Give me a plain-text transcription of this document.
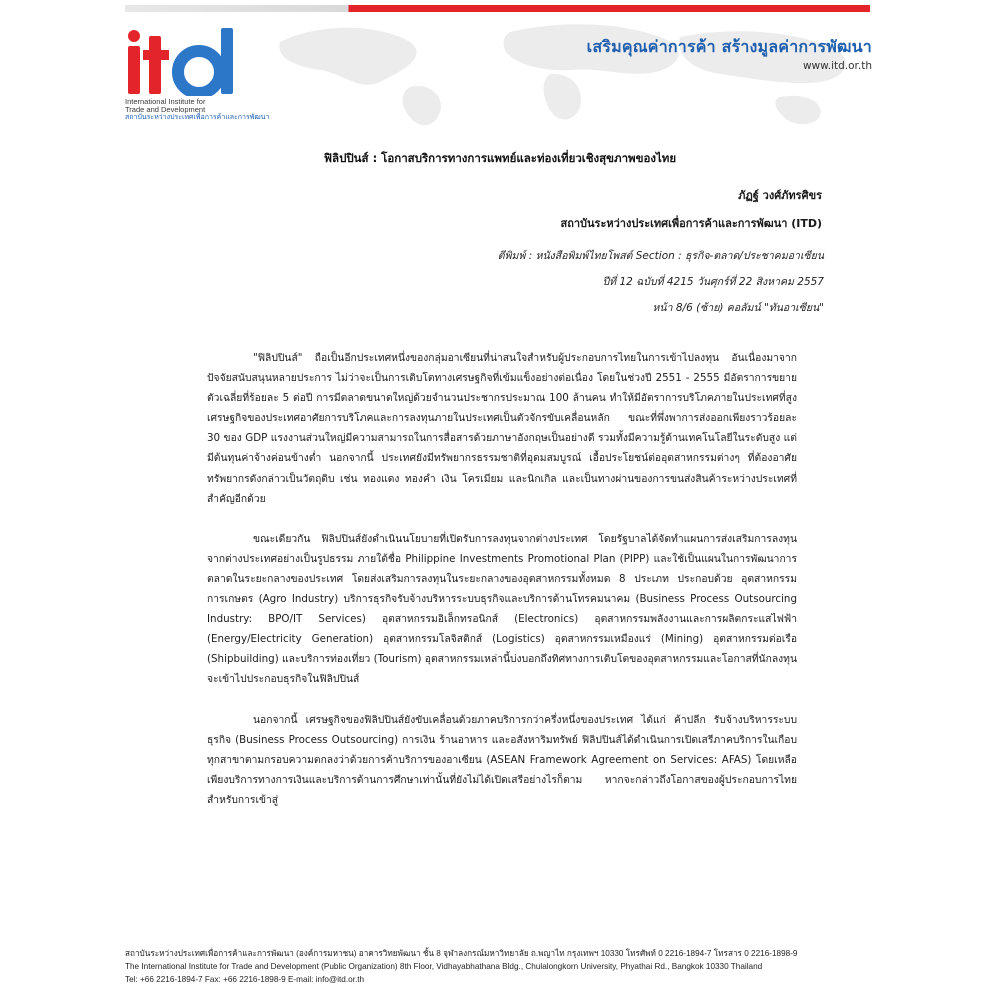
International Institute for
Trade and Development
สถาบันระหว่างประเทศเพื่อการค้าและการพัฒนา
เสริมคุณค่าการค้า สร้างมูลค่าการพัฒนา
www.itd.or.th
ฟิลิปปินส์ : โอกาสบริการทางการแพทย์และท่องเที่ยวเชิงสุขภาพของไทย
ภัฏฐ์ วงศ์ภัทรศิขร
สถาบันระหว่างประเทศเพื่อการค้าและการพัฒนา (ITD)
ตีพิมพ์ : หนังสือพิมพ์ไทยโพสต์ Section : ธุรกิจ-ตลาด/ประชาคมอาเซียน
ปีที่ 12 ฉบับที่ 4215 วันศุกร์ที่ 22 สิงหาคม 2557
หน้า 8/6 (ซ้าย) คอลัมน์ "ทันอาเซียน"

"ฟิลิปปินส์" ถือเป็นอีกประเทศหนึ่งของกลุ่มอาเซียนที่น่าสนใจสำหรับผู้ประกอบการไทยในการเข้าไปลงทุน อันเนื่องมาจากปัจจัยสนับสนุนหลายประการ ไม่ว่าจะเป็นการเติบโตทางเศรษฐกิจที่เข้มแข็งอย่างต่อเนื่อง โดยในช่วงปี 2551 - 2555 มีอัตราการขยายตัวเฉลี่ยที่ร้อยละ 5 ต่อปี การมีตลาดขนาดใหญ่ด้วยจำนวนประชากรประมาณ 100 ล้านคน ทำให้มีอัตราการบริโภคภายในประเทศที่สูง เศรษฐกิจของประเทศอาศัยการบริโภคและการลงทุนภายในประเทศเป็นตัวจักรขับเคลื่อนหลัก ขณะที่พึ่งพาการส่งออกเพียงราวร้อยละ 30 ของ GDP แรงงานส่วนใหญ่มีความสามารถในการสื่อสารด้วยภาษาอังกฤษเป็นอย่างดี รวมทั้งมีความรู้ด้านเทคโนโลยีในระดับสูง แต่มีต้นทุนค่าจ้างค่อนข้างต่ำ นอกจากนี้ ประเทศยังมีทรัพยากรธรรมชาติที่อุดมสมบูรณ์ เอื้อประโยชน์ต่ออุตสาหกรรมต่างๆ ที่ต้องอาศัยทรัพยากรดังกล่าวเป็นวัตถุดิบ เช่น ทองแดง ทองคำ เงิน โครเมียม และนิกเกิล และเป็นทางผ่านของการขนส่งสินค้าระหว่างประเทศที่สำคัญอีกด้วย

ขณะเดียวกัน ฟิลิปปินส์ยังดำเนินนโยบายที่เปิดรับการลงทุนจากต่างประเทศ โดยรัฐบาลได้จัดทำแผนการส่งเสริมการลงทุนจากต่างประเทศอย่างเป็นรูปธรรม ภายใต้ชื่อ Philippine Investments Promotional Plan (PIPP) และใช้เป็นแผนในการพัฒนาการตลาดในระยะกลางของประเทศ โดยส่งเสริมการลงทุนในระยะกลางของอุตสาหกรรมทั้งหมด 8 ประเภท ประกอบด้วย อุตสาหกรรมการเกษตร (Agro Industry) บริการธุรกิจรับจ้างบริหารระบบธุรกิจและบริการด้านโทรคมนาคม (Business Process Outsourcing Industry: BPO/IT Services) อุตสาหกรรมอิเล็กทรอนิกส์ (Electronics) อุตสาหกรรมพลังงานและการผลิตกระแสไฟฟ้า (Energy/Electricity Generation) อุตสาหกรรมโลจิสติกส์ (Logistics) อุตสาหกรรมเหมืองแร่ (Mining) อุตสาหกรรมต่อเรือ (Shipbuilding) และบริการท่องเที่ยว (Tourism) อุตสาหกรรมเหล่านี้บ่งบอกถึงทิศทางการเติบโตของอุตสาหกรรมและโอกาสที่นักลงทุนจะเข้าไปประกอบธุรกิจในฟิลิปปินส์

นอกจากนี้ เศรษฐกิจของฟิลิปปินส์ยังขับเคลื่อนด้วยภาคบริการกว่าครึ่งหนึ่งของประเทศ ได้แก่ ค้าปลีก รับจ้างบริหารระบบธุรกิจ (Business Process Outsourcing) การเงิน ร้านอาหาร และอสังหาริมทรัพย์ ฟิลิปปินส์ได้ดำเนินการเปิดเสรีภาคบริการในเกือบทุกสาขาตามกรอบความตกลงว่าด้วยการค้าบริการของอาเซียน (ASEAN Framework Agreement on Services: AFAS) โดยเหลือเพียงบริการทางการเงินและบริการด้านการศึกษาเท่านั้นที่ยังไม่ได้เปิดเสรีอย่างไรก็ตาม หากจะกล่าวถึงโอกาสของผู้ประกอบการไทยสำหรับการเข้าสู่

สถาบันระหว่างประเทศเพื่อการค้าและการพัฒนา (องค์การมหาชน) อาคารวิทยพัฒนา ชั้น 8 จุฬาลงกรณ์มหาวิทยาลัย ถ.พญาไท กรุงเทพฯ 10330 โทรศัพท์ 0 2216-1894-7 โทรสาร 0 2216-1898-9
The International Institute for Trade and Development (Public Organization) 8th Floor, Vidhayabhathana Bldg., Chulalongkorn University, Phyathai Rd., Bangkok 10330 Thailand
Tel: +66 2216-1894-7 Fax: +66 2216-1898-9 E-mail: info@itd.or.th
